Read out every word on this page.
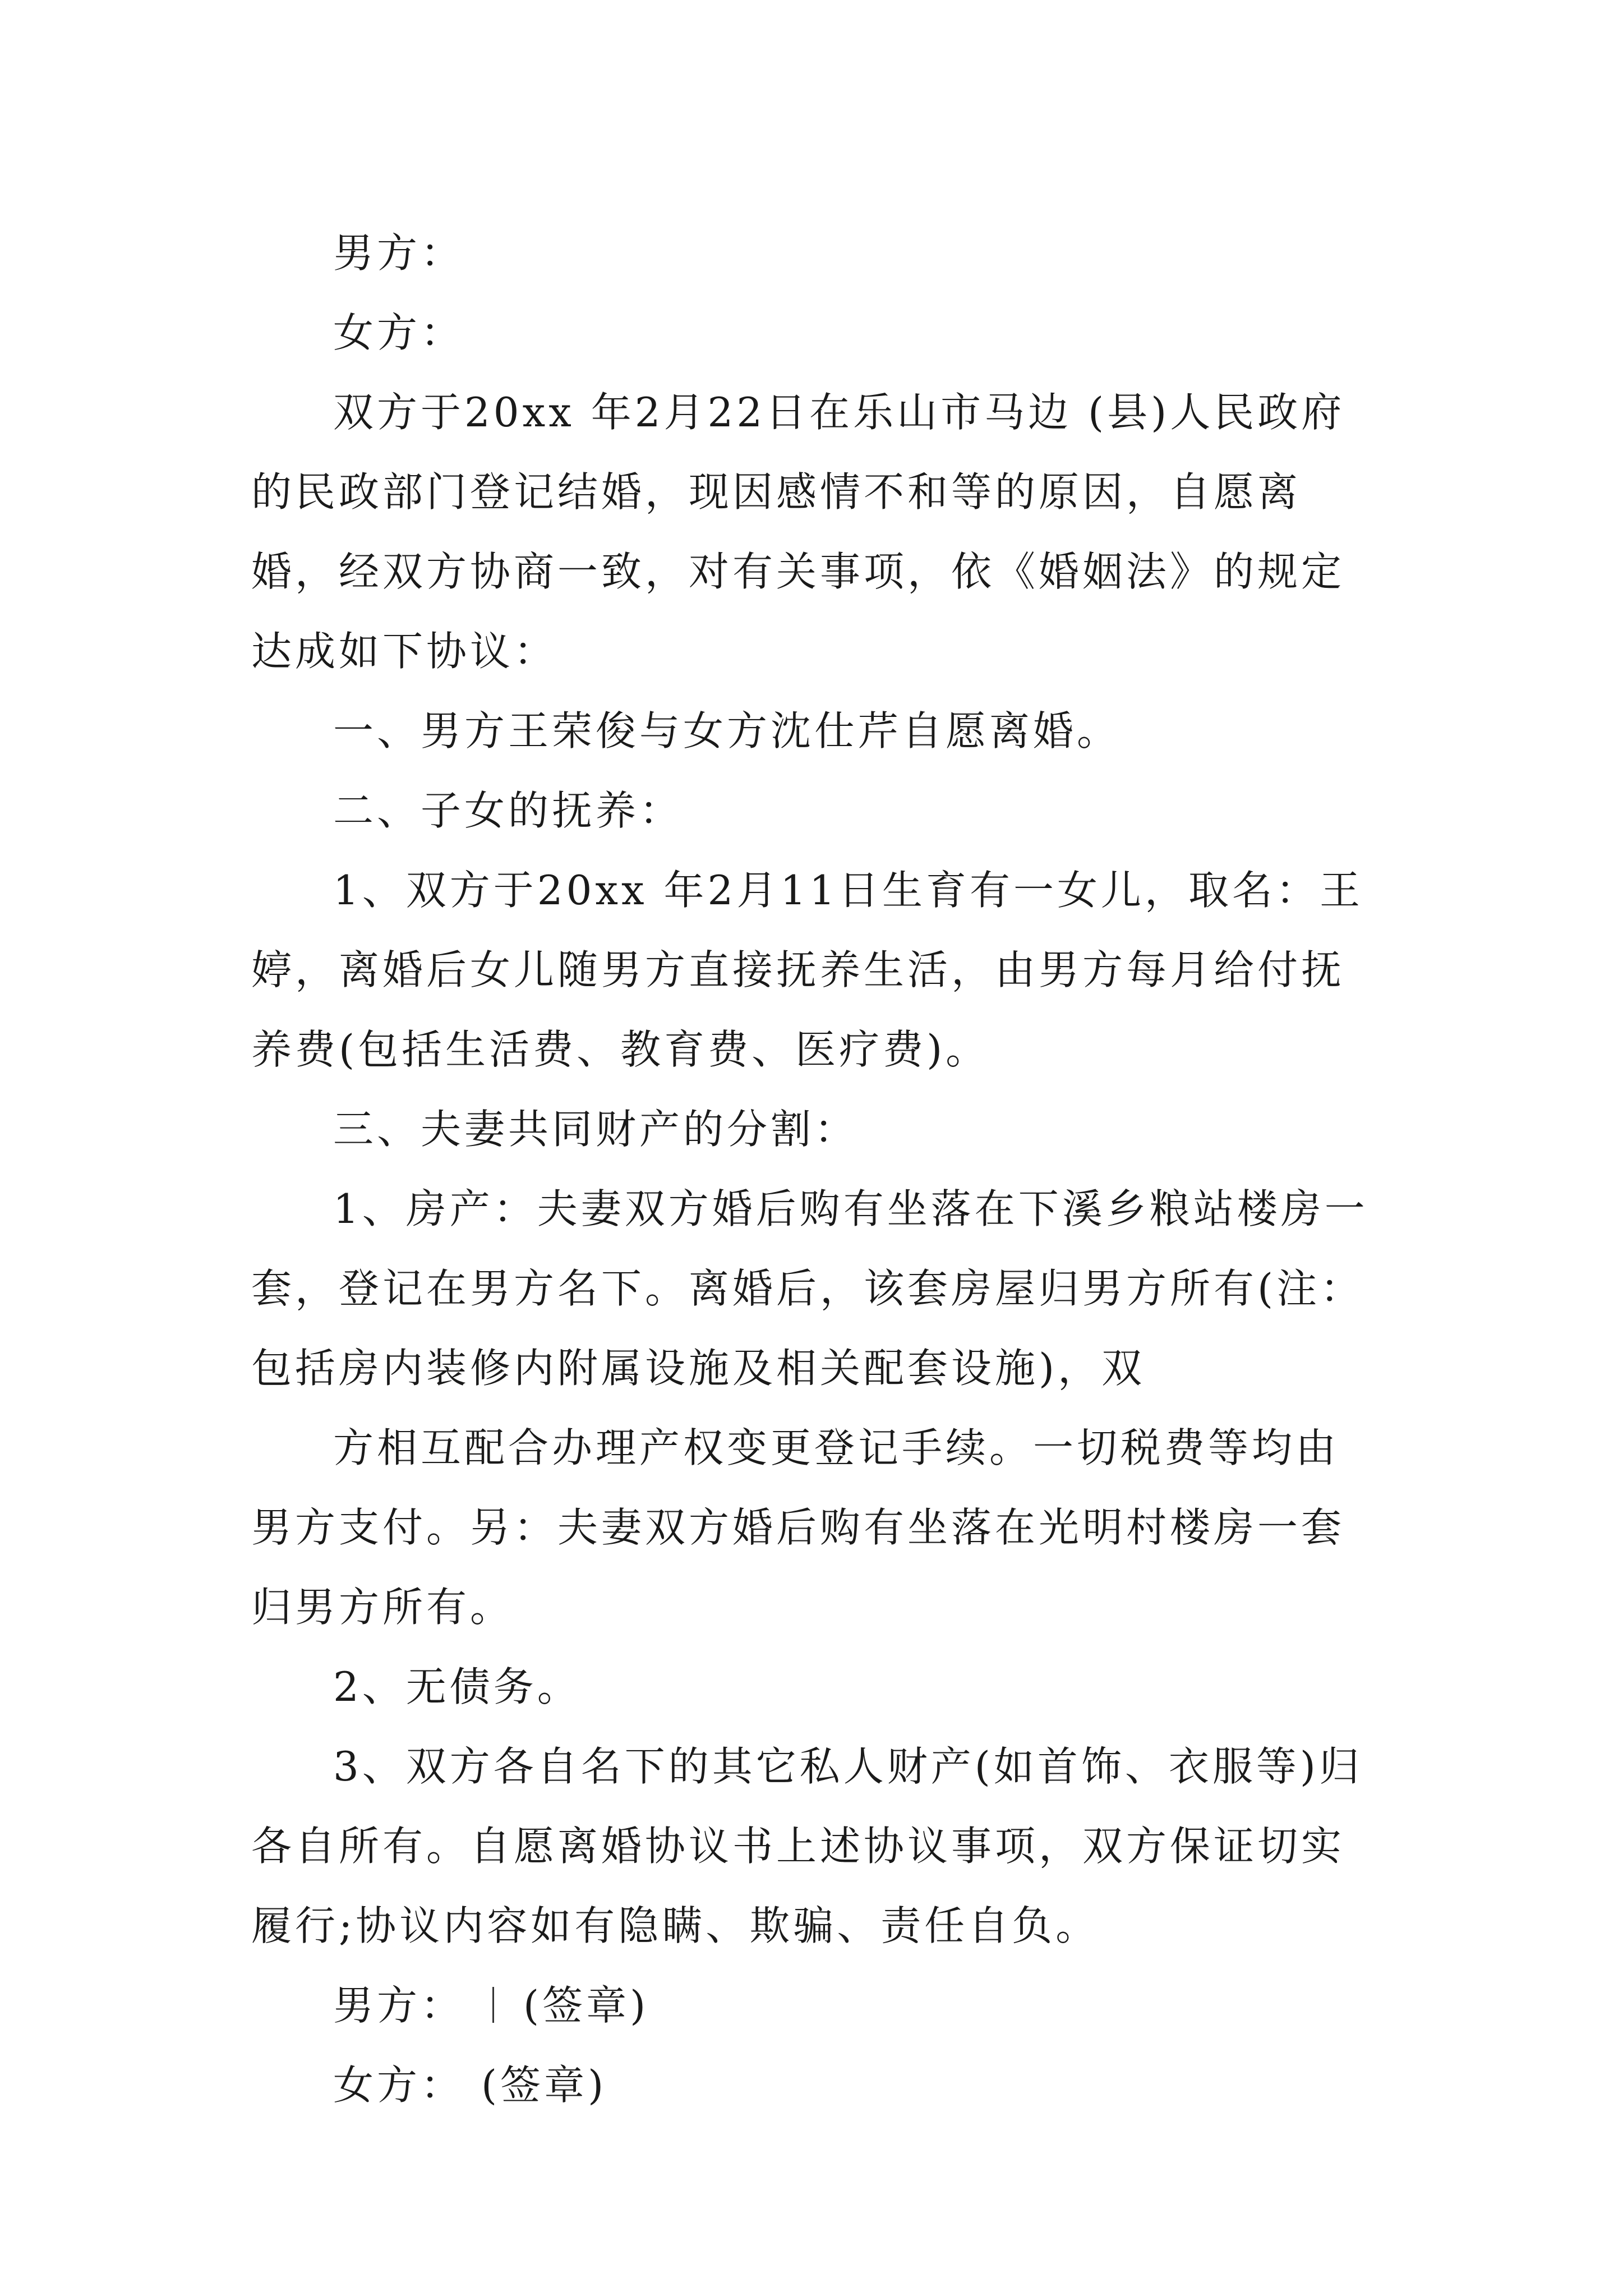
男方：

女方：

双方于20xx 年2月22日在乐山市马边 (县)人民政府的民政部门登记结婚，现因感情不和等的原因，自愿离婚，经双方协商一致，对有关事项，依《婚姻法》的规定达成如下协议：

一、男方王荣俊与女方沈仕芹自愿离婚。

二、子女的抚养：

1、双方于20xx 年2月11日生育有一女儿，取名：王婷，离婚后女儿随男方直接抚养生活，由男方每月给付抚养费(包括生活费、教育费、医疗费)。

三、夫妻共同财产的分割：

1、房产：夫妻双方婚后购有坐落在下溪乡粮站楼房一套，登记在男方名下。离婚后，该套房屋归男方所有(注：包括房内装修内附属设施及相关配套设施)，双

方相互配合办理产权变更登记手续。一切税费等均由男方支付。另：夫妻双方婚后购有坐落在光明村楼房一套归男方所有。

2、无债务。

3、双方各自名下的其它私人财产(如首饰、衣服等)归各自所有。自愿离婚协议书上述协议事项，双方保证切实履行;协议内容如有隐瞒、欺骗、责任自负。

男方： (签章)

女方： (签章)
